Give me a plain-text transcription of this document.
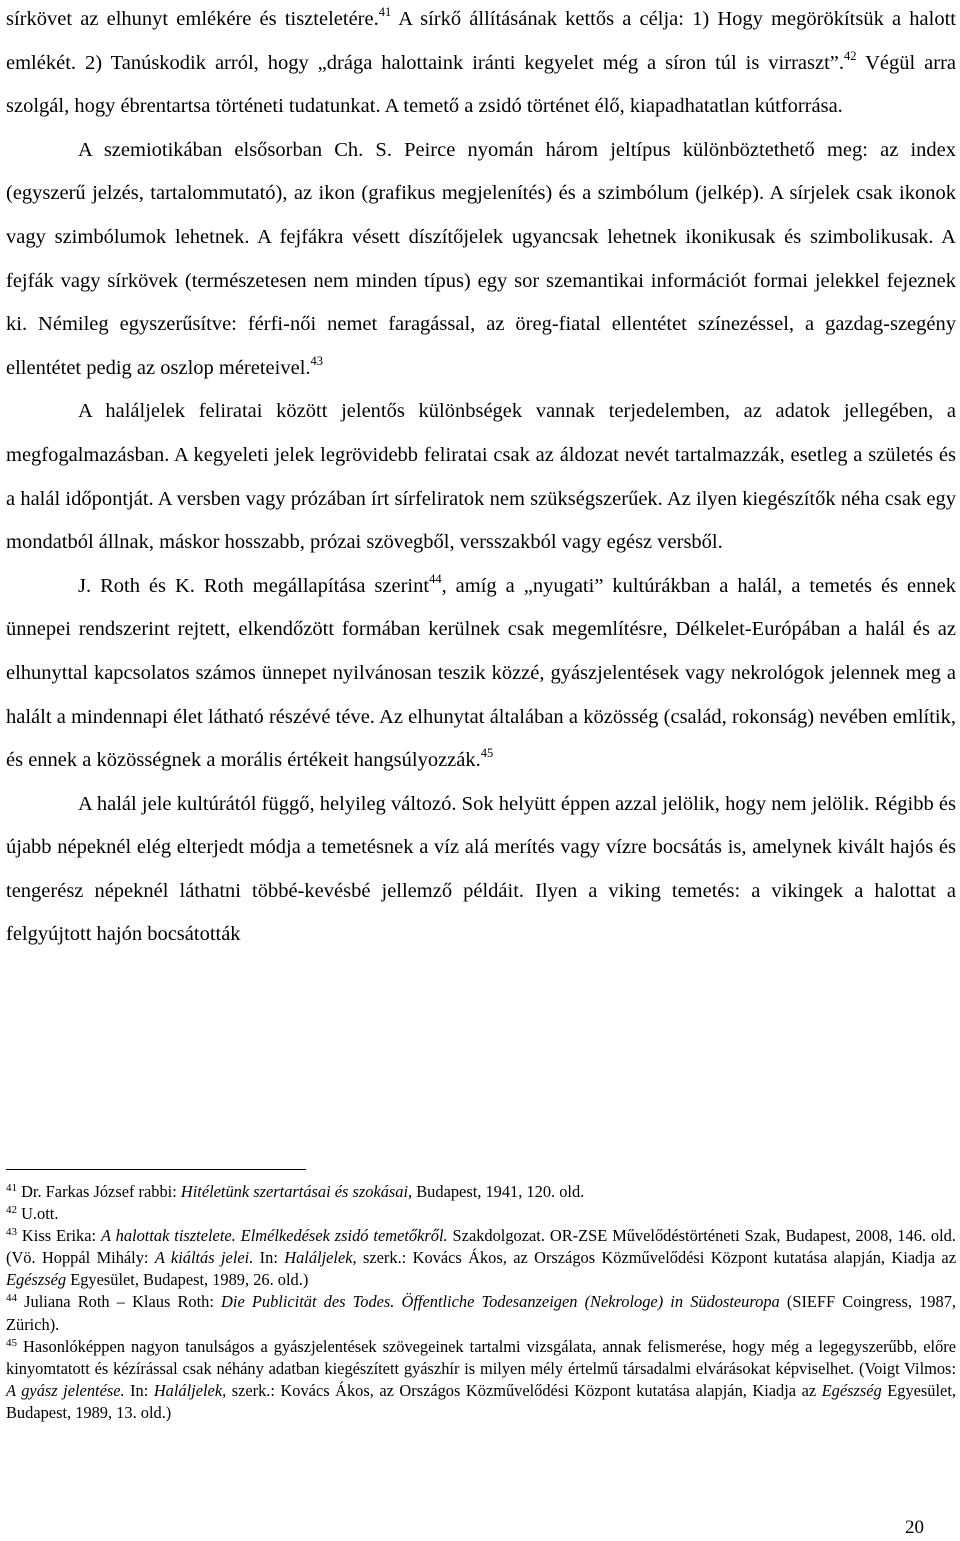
sírkövet az elhunyt emlékére és tiszteletére.$^{41}$ A sírkő állításának kettős a célja: 1) Hogy megörökítsük a halott emlékét. 2) Tanúskodik arról, hogy „drága halottaink iránti kegyelet még a síron túl is virraszt”.$^{42}$ Végül arra szolgál, hogy ébrentartsa történeti tudatunkat. A temető a zsidó történet élő, kiapadhatatlan kútforrása.

A szemiotikában elsősorban Ch. S. Peirce nyomán három jeltípus különböztethető meg: az index (egyszerű jelzés, tartalommutató), az ikon (grafikus megjelenítés) és a szimbólum (jelkép). A sírjelek csak ikonok vagy szimbólumok lehetnek. A fejfákra vésett díszítőjelek ugyancsak lehetnek ikonikusak és szimbolikusak. A fejfák vagy sírkövek (természetesen nem minden típus) egy sor szemantikai információt formai jelekkel fejeznek ki. Némileg egyszerűsítve: férfi-női nemet faragással, az öreg-fiatal ellentétet színezéssel, a gazdag-szegény ellentétet pedig az oszlop méreteivel.$^{43}$

A haláljelek feliratai között jelentős különbségek vannak terjedelemben, az adatok jellegében, a megfogalmazásban. A kegyeleti jelek legrövidebb feliratai csak az áldozat nevét tartalmazzák, esetleg a születés és a halál időpontját. A versben vagy prózában írt sírfeliratok nem szükségszerűek. Az ilyen kiegészítők néha csak egy mondatból állnak, máskor hosszabb, prózai szövegből, versszakból vagy egész versből.

J. Roth és K. Roth megállapítása szerint$^{44}$, amíg a „nyugati” kultúrákban a halál, a temetés és ennek ünnepei rendszerint rejtett, elkendőzött formában kerülnek csak megemlítésre, Délkelet-Európában a halál és az elhunyttal kapcsolatos számos ünnepet nyilvánosan teszik közzé, gyászjelentések vagy nekrológok jelennek meg a halált a mindennapi élet látható részévé téve. Az elhunytat általában a közösség (család, rokonság) nevében említik, és ennek a közösségnek a morális értékeit hangsúlyozzák.$^{45}$

A halál jele kultúrától függő, helyileg változó. Sok helyütt éppen azzal jelölik, hogy nem jelölik. Régibb és újabb népeknél elég elterjedt módja a temetésnek a víz alá merítés vagy vízre bocsátás is, amelynek kivált hajós és tengerész népeknél láthatni többé-kevésbé jellemző példáit. Ilyen a viking temetés: a vikingek a halottat a felgyújtott hajón bocsátották

$^{41}$ Dr. Farkas József rabbi: Hitéletünk szertartásai és szokásai, Budapest, 1941, 120. old.

$^{42}$ U.ott.

$^{43}$ Kiss Erika: A halottak tisztelete. Elmélkedések zsidó temetőkről. Szakdolgozat. OR-ZSE Művelődéstörténeti Szak, Budapest, 2008, 146. old. (Vö. Hoppál Mihály: A kiáltás jelei. In: Haláljelek, szerk.: Kovács Ákos, az Országos Közművelődési Központ kutatása alapján, Kiadja az Egészség Egyesület, Budapest, 1989, 26. old.)

$^{44}$ Juliana Roth – Klaus Roth: Die Publicität des Todes. Öffentliche Todesanzeigen (Nekrologe) in Südosteuropa (SIEFF Coingress, 1987, Zürich).

$^{45}$ Hasonlóképpen nagyon tanulságos a gyászjelentések szövegeinek tartalmi vizsgálata, annak felismerése, hogy még a legegyszerűbb, előre kinyomtatott és kézírással csak néhány adatban kiegészített gyászhír is milyen mély értelmű társadalmi elvárásokat képviselhet. (Voigt Vilmos: A gyász jelentése. In: Haláljelek, szerk.: Kovács Ákos, az Országos Közművelődési Központ kutatása alapján, Kiadja az Egészség Egyesület, Budapest, 1989, 13. old.)

20
